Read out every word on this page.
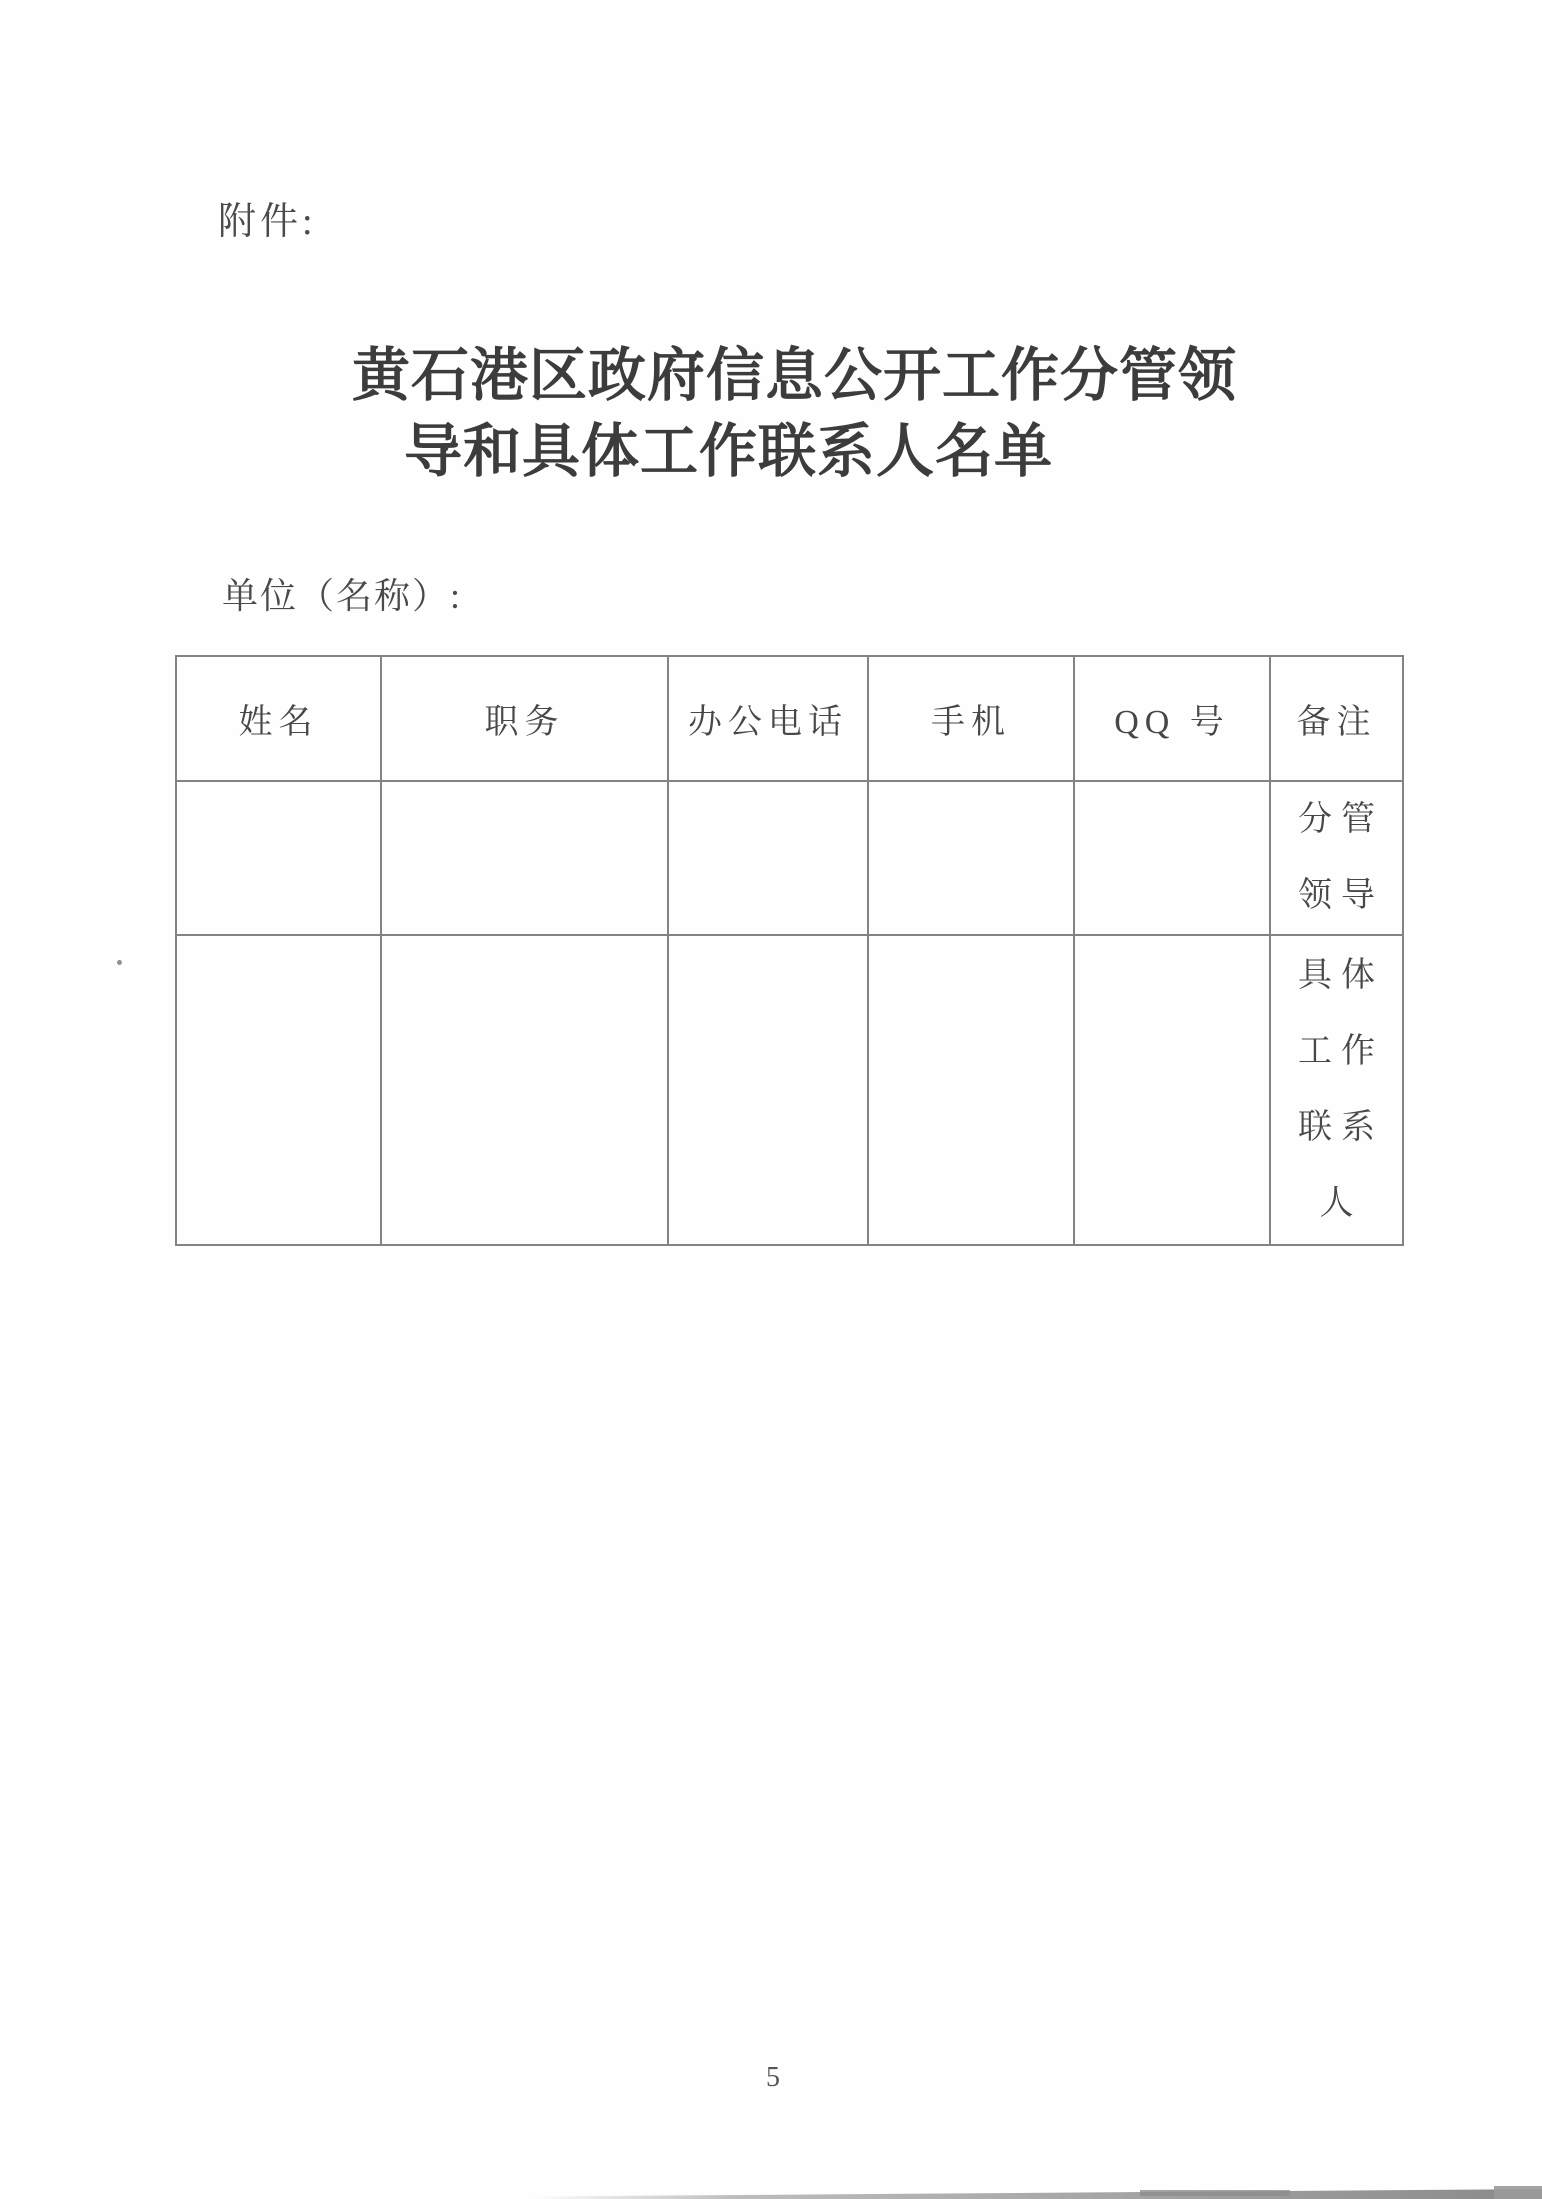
附件:
黄石港区政府信息公开工作分管领
导和具体工作联系人名单
单位（名称）:
姓名	职务	办公电话	手机	QQ 号	备注

					分管
领导

					具体
工作
联系
人
5
